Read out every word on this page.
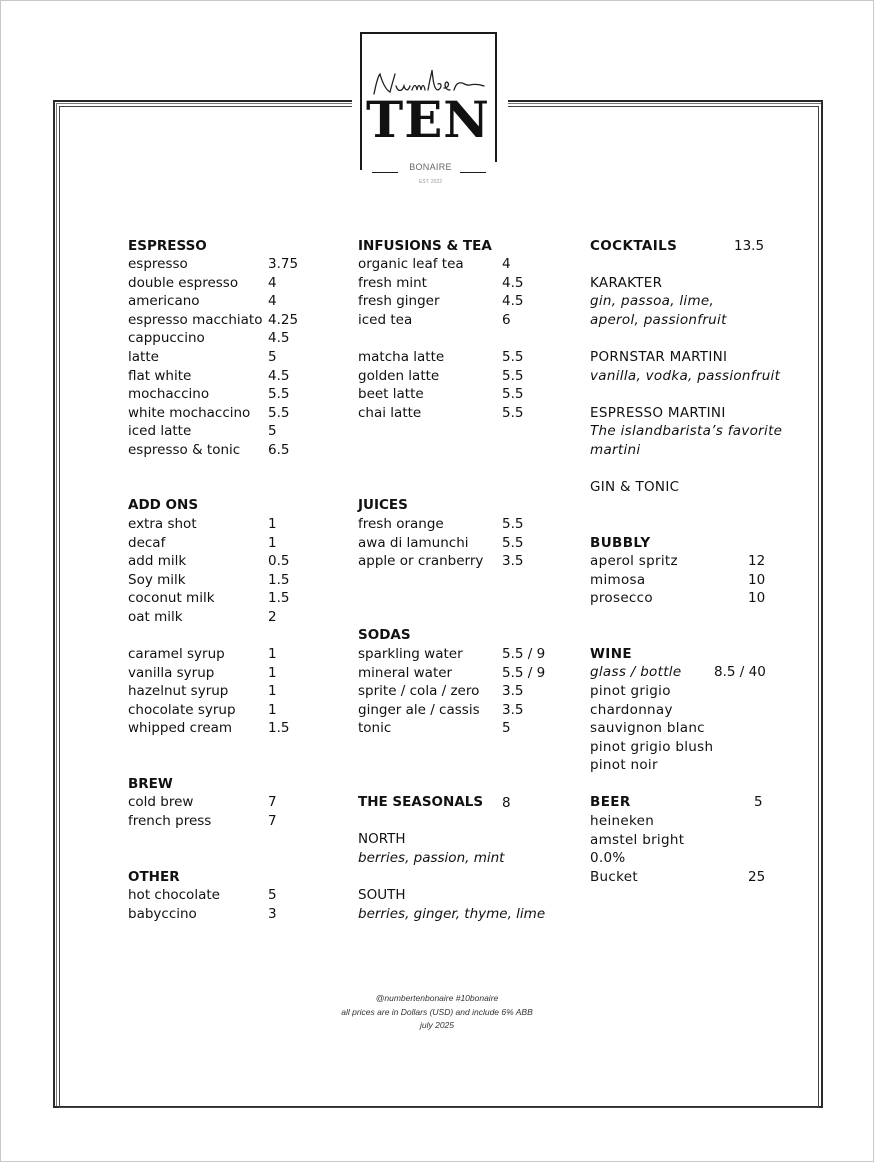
TEN
BONAIRE
EST. 2022
ESPRESSO
espresso	3.75
double espresso 4
americano	4
espresso macchiato 4.25
cappuccino	4.5
latte	5
flat white	4.5
mochaccino	5.5
white mochaccino 5.5
iced latte	5
espresso & tonic 6.5
ADD ONS
extra shot	1
decaf	1
add milk	0.5
Soy milk	1.5
coconut milk	1.5
oat milk	2
caramel syrup	1
vanilla syrup	1
hazelnut syrup	1
chocolate syrup 1
whipped cream	1.5
BREW
cold brew	7
french press	7
OTHER
hot chocolate	5
babyccino	3
INFUSIONS & TEA
organic leaf tea	4
fresh mint	4.5
fresh ginger	4.5
iced tea	6
matcha latte	5.5
golden latte	5.5
beet latte	5.5
chai latte	5.5
JUICES
fresh orange	5.5
awa di lamunchi 5.5
apple or cranberry 3.5
SODAS
sparkling water	5.5 / 9
mineral water	5.5 / 9
sprite / cola / zero 3.5
ginger ale / cassis 3.5
tonic	5
THE SEASONALS 8
NORTH
berries, passion, mint
SOUTH
berries, ginger, thyme, lime
COCKTAILS	13.5
KARAKTER
gin, passoa, lime,
aperol, passionfruit
PORNSTAR MARTINI
vanilla, vodka, passionfruit
ESPRESSO MARTINI
The islandbarista’s favorite
martini
GIN & TONIC
BUBBLY
aperol spritz	12
mimosa	10
prosecco	10
WINE
glass / bottle 8.5 / 40
pinot grigio
chardonnay
sauvignon blanc
pinot grigio blush
pinot noir
BEER	5
heineken
amstel bright
0.0%
Bucket	25
@numbertenbonaire #10bonaire
all prices are in Dollars (USD) and include 6% ABB
july 2025
